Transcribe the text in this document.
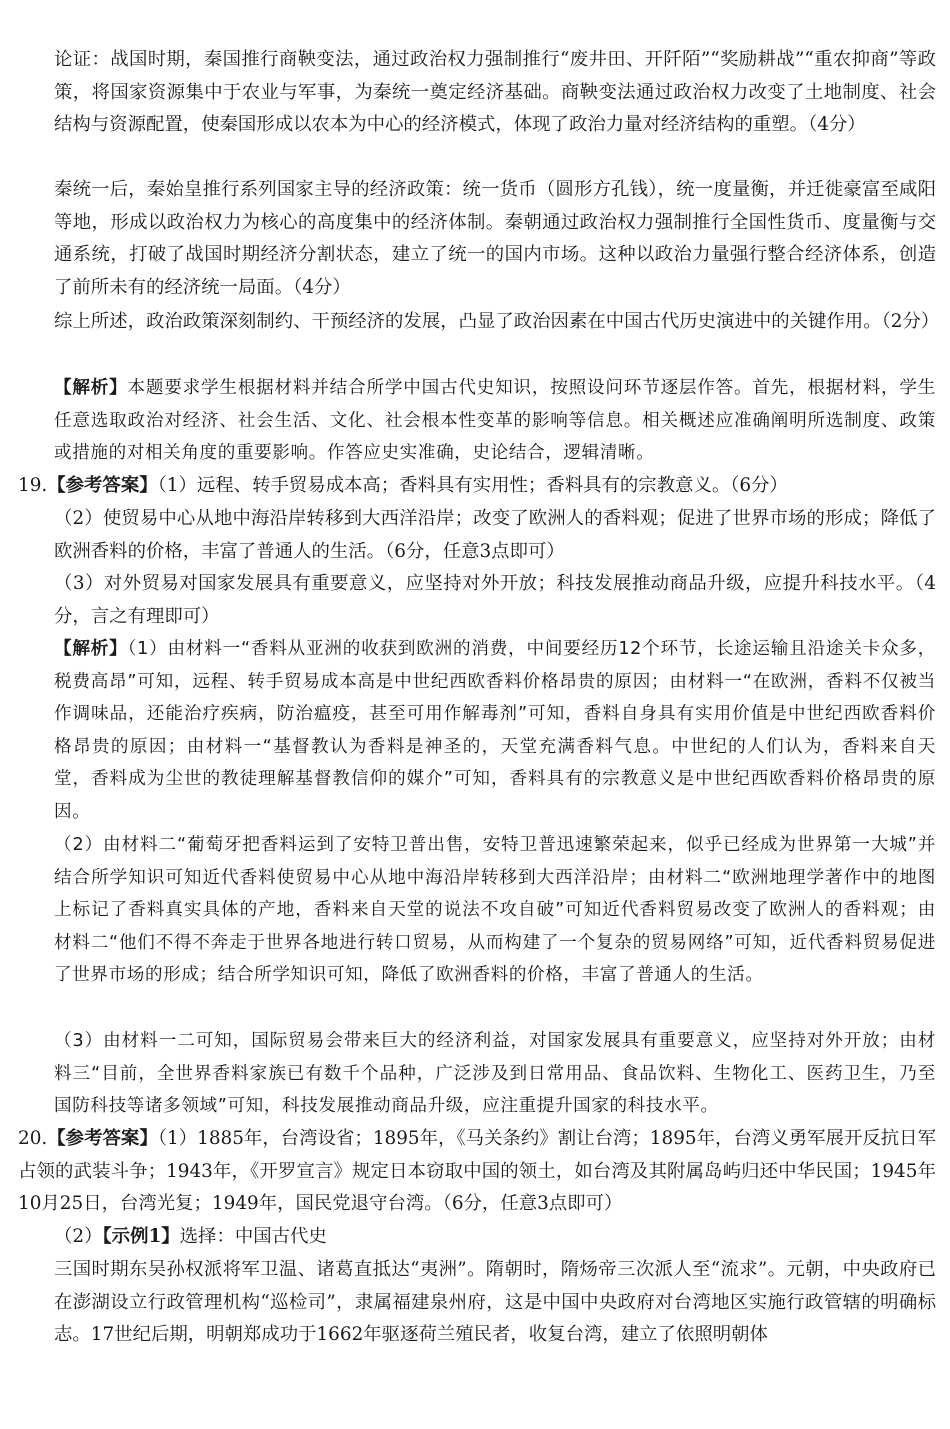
论证：战国时期，秦国推行商鞅变法，通过政治权力强制推行“废井田、开阡陌”“奖励耕战”“重农抑商”等政策，将国家资源集中于农业与军事，为秦统一奠定经济基础。商鞅变法通过政治权力改变了土地制度、社会结构与资源配置，使秦国形成以农本为中心的经济模式，体现了政治力量对经济结构的重塑。（4分）
秦统一后，秦始皇推行系列国家主导的经济政策：统一货币（圆形方孔钱），统一度量衡，并迁徙豪富至咸阳等地，形成以政治权力为核心的高度集中的经济体制。秦朝通过政治权力强制推行全国性货币、度量衡与交通系统，打破了战国时期经济分割状态，建立了统一的国内市场。这种以政治力量强行整合经济体系，创造了前所未有的经济统一局面。（4分）
综上所述，政治政策深刻制约、干预经济的发展，凸显了政治因素在中国古代历史演进中的关键作用。（2分）
【解析】本题要求学生根据材料并结合所学中国古代史知识，按照设问环节逐层作答。首先，根据材料，学生任意选取政治对经济、社会生活、文化、社会根本性变革的影响等信息。相关概述应准确阐明所选制度、政策或措施的对相关角度的重要影响。作答应史实准确，史论结合，逻辑清晰。
19.【参考答案】（1）远程、转手贸易成本高；香料具有实用性；香料具有的宗教意义。（6分）
（2）使贸易中心从地中海沿岸转移到大西洋沿岸；改变了欧洲人的香料观；促进了世界市场的形成；降低了欧洲香料的价格，丰富了普通人的生活。（6分，任意3点即可）
（3）对外贸易对国家发展具有重要意义，应坚持对外开放；科技发展推动商品升级，应提升科技水平。（4分，言之有理即可）
【解析】（1）由材料一“香料从亚洲的收获到欧洲的消费，中间要经历12个环节，长途运输且沿途关卡众多，税费高昂”可知，远程、转手贸易成本高是中世纪西欧香料价格昂贵的原因；由材料一“在欧洲，香料不仅被当作调味品，还能治疗疾病，防治瘟疫，甚至可用作解毒剂”可知，香料自身具有实用价值是中世纪西欧香料价格昂贵的原因；由材料一“基督教认为香料是神圣的，天堂充满香料气息。中世纪的人们认为，香料来自天堂，香料成为尘世的教徒理解基督教信仰的媒介”可知，香料具有的宗教意义是中世纪西欧香料价格昂贵的原因。
（2）由材料二“葡萄牙把香料运到了安特卫普出售，安特卫普迅速繁荣起来，似乎已经成为世界第一大城”并结合所学知识可知近代香料使贸易中心从地中海沿岸转移到大西洋沿岸；由材料二“欧洲地理学著作中的地图上标记了香料真实具体的产地，香料来自天堂的说法不攻自破”可知近代香料贸易改变了欧洲人的香料观；由材料二“他们不得不奔走于世界各地进行转口贸易，从而构建了一个复杂的贸易网络”可知，近代香料贸易促进了世界市场的形成；结合所学知识可知，降低了欧洲香料的价格，丰富了普通人的生活。
（3）由材料一二可知，国际贸易会带来巨大的经济利益，对国家发展具有重要意义，应坚持对外开放；由材料三“目前，全世界香料家族已有数千个品种，广泛涉及到日常用品、食品饮料、生物化工、医药卫生，乃至国防科技等诸多领域”可知，科技发展推动商品升级，应注重提升国家的科技水平。
20.【参考答案】（1）1885年，台湾设省；1895年，《马关条约》割让台湾；1895年，台湾义勇军展开反抗日军占领的武装斗争；1943年，《开罗宣言》规定日本窃取中国的领土，如台湾及其附属岛屿归还中华民国；1945年10月25日，台湾光复；1949年，国民党退守台湾。（6分，任意3点即可）
（2）【示例1】选择：中国古代史
三国时期东吴孙权派将军卫温、诸葛直抵达“夷洲”。隋朝时，隋炀帝三次派人至“流求”。元朝，中央政府已在澎湖设立行政管理机构“巡检司”，隶属福建泉州府，这是中国中央政府对台湾地区实施行政管辖的明确标志。17世纪后期，明朝郑成功于1662年驱逐荷兰殖民者，收复台湾，建立了依照明朝体
